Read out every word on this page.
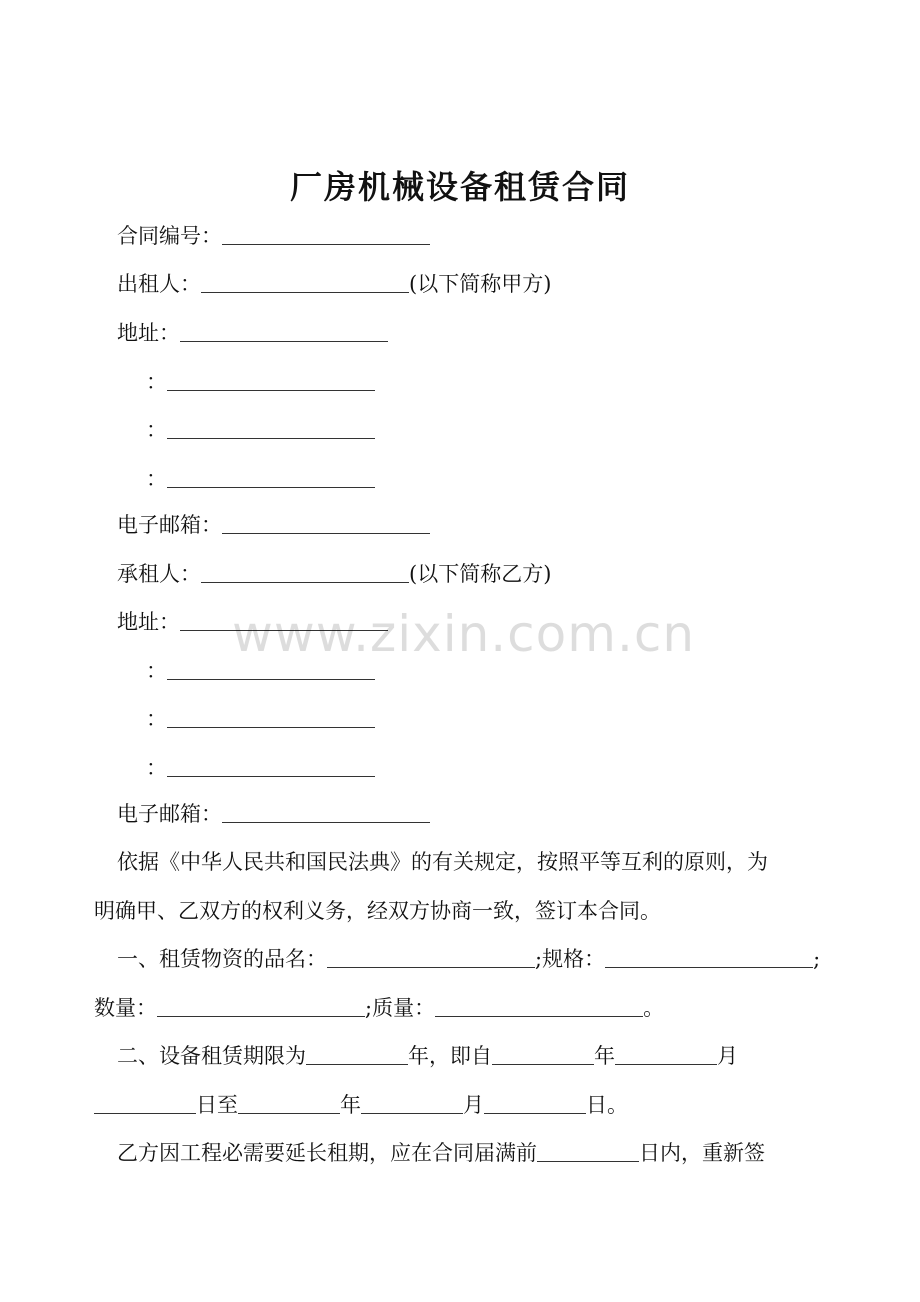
厂房机械设备租赁合同
合同编号：
出租人：	(以下简称甲方)
地址：
：
：
：
电子邮箱：
承租人：	(以下简称乙方)
地址：
：
：
：
电子邮箱：
依据《中华人民共和国民法典》的有关规定，按照平等互利的原则，为
明确甲、乙双方的权利义务，经双方协商一致，签订本合同。
一、租赁物资的品名：	;规格：	;
数量：	;质量：	。
二、设备租赁期限为	年，即自	年	月
日至	年	月	日。
乙方因工程必需要延长租期，应在合同届满前	日内，重新签
www.zixin.com.cn
